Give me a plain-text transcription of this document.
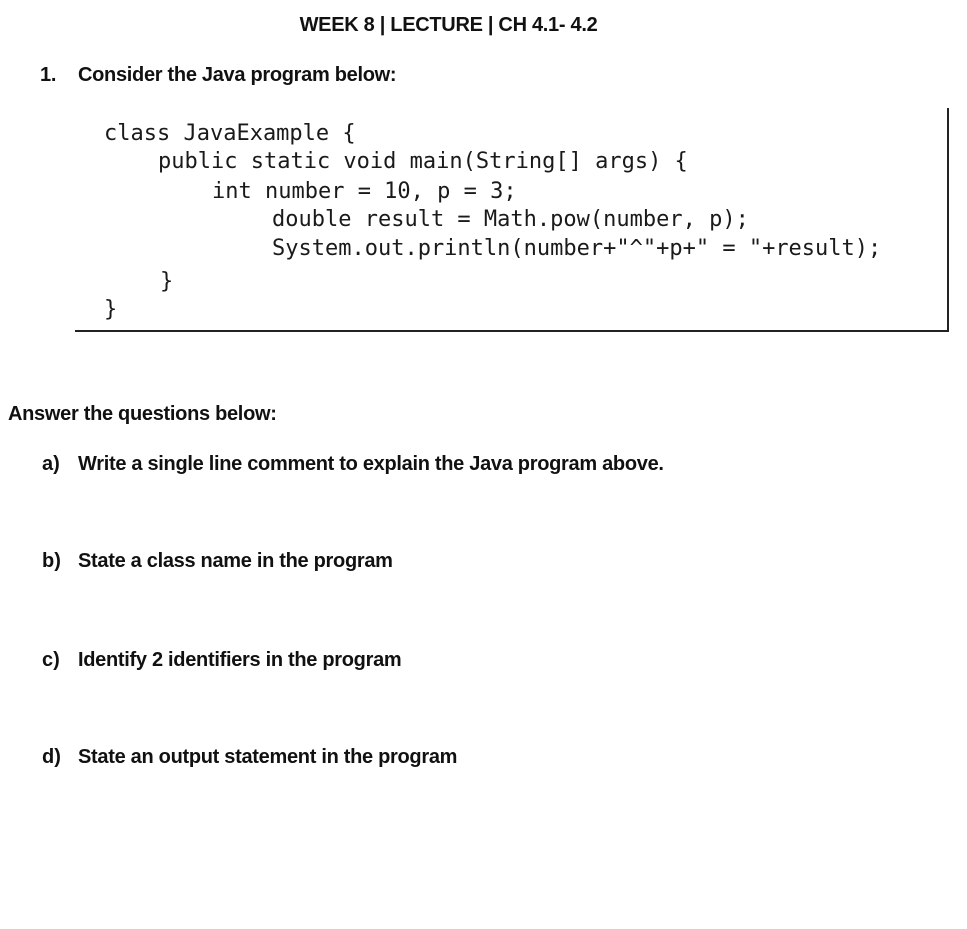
WEEK 8 | LECTURE | CH 4.1- 4.2
1. Consider the Java program below:
class JavaExample {
public static void main(String[] args) {
int number = 10, p = 3;
double result = Math.pow(number, p);
System.out.println(number+"^"+p+" = "+result);
}
}
Answer the questions below:
a) Write a single line comment to explain the Java program above.
b) State a class name in the program
c) Identify 2 identifiers in the program
d) State an output statement in the program
